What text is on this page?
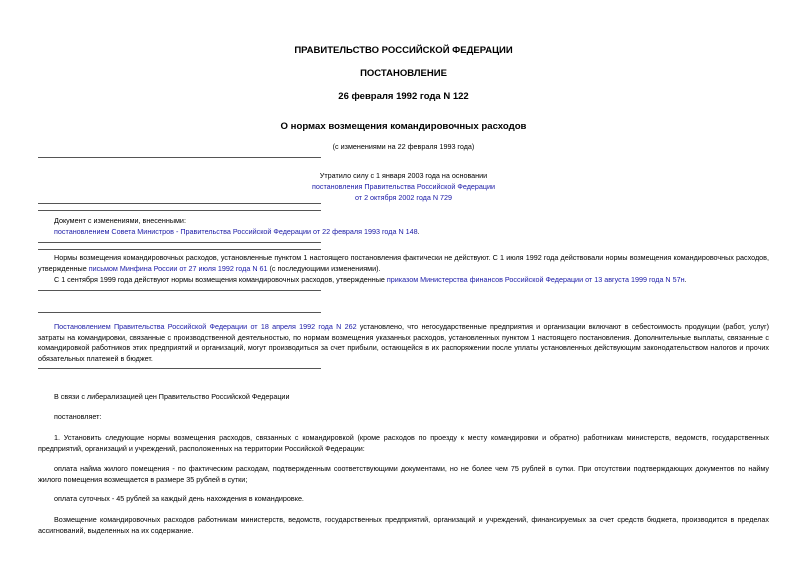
ПРАВИТЕЛЬСТВО РОССИЙСКОЙ ФЕДЕРАЦИИ
ПОСТАНОВЛЕНИЕ
26 февраля 1992 года N 122
О нормах возмещения командировочных расходов
(с изменениями на 22 февраля 1993 года)
Утратило силу с 1 января 2003 года на основании
постановления Правительства Российской Федерации
от 2 октября 2002 года N 729
Документ с изменениями, внесенными:
постановлением Совета Министров - Правительства Российской Федерации от 22 февраля 1993 года N 148.
Нормы возмещения командировочных расходов, установленные пунктом 1 настоящего постановления фактически не действуют. С 1 июля 1992 года действовали нормы возмещения командировочных расходов, утвержденные письмом Минфина России от 27 июля 1992 года N 61 (с последующими изменениями).
С 1 сентября 1999 года действуют нормы возмещения командировочных расходов, утвержденные приказом Министерства финансов Российской Федерации от 13 августа 1999 года N 57н.
Постановлением Правительства Российской Федерации от 18 апреля 1992 года N 262 установлено, что негосударственные предприятия и организации включают в себестоимость продукции (работ, услуг) затраты на командировки, связанные с производственной деятельностью, по нормам возмещения указанных расходов, установленных пунктом 1 настоящего постановления. Дополнительные выплаты, связанные с командировкой работников этих предприятий и организаций, могут производиться за счет прибыли, остающейся в их распоряжении после уплаты установленных действующим законодательством налогов и прочих обязательных платежей в бюджет.
В связи с либерализацией цен Правительство Российской Федерации
постановляет:
1. Установить следующие нормы возмещения расходов, связанных с командировкой (кроме расходов по проезду к месту командировки и обратно) работникам министерств, ведомств, государственных предприятий, организаций и учреждений, расположенных на территории Российской Федерации:
оплата найма жилого помещения - по фактическим расходам, подтвержденным соответствующими документами, но не более чем 75 рублей в сутки. При отсутствии подтверждающих документов по найму жилого помещения возмещается в размере 35 рублей в сутки;
оплата суточных - 45 рублей за каждый день нахождения в командировке.
Возмещение командировочных расходов работникам министерств, ведомств, государственных предприятий, организаций и учреждений, финансируемых за счет средств бюджета, производится в пределах ассигнований, выделенных на их содержание.
